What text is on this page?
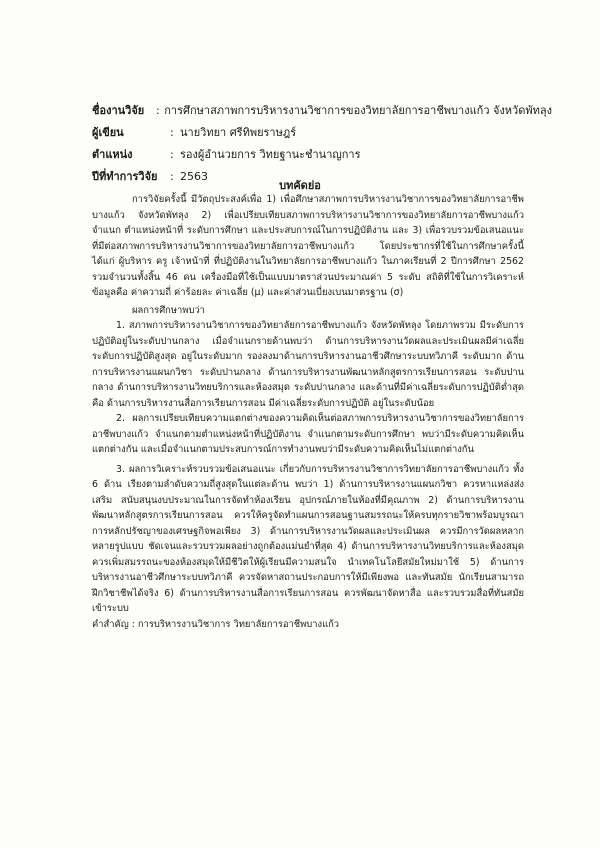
ชื่องานวิจัย	: การศึกษาสภาพการบริหารงานวิชาการของวิทยาลัยการอาชีพบางแก้ว จังหวัดพัทลุง
ผู้เขียน	: นายวิทยา ศรีทิพยราษฎร์
ตำแหน่ง	: รองผู้อำนวยการ วิทยฐานะชำนาญการ
ปีที่ทำการวิจัย	: 2563
บทคัดย่อ

การวิจัยครั้งนี้ มีวัตถุประสงค์เพื่อ 1) เพื่อศึกษาสภาพการบริหารงานวิชาการของวิทยาลัยการอาชีพบางแก้ว จังหวัดพัทลุง 2) เพื่อเปรียบเทียบสภาพการบริหารงานวิชาการของวิทยาลัยการอาชีพบางแก้ว จำแนก ตำแหน่งหน้าที่ ระดับการศึกษา และประสบการณ์ในการปฏิบัติงาน และ 3) เพื่อรวบรวมข้อเสนอแนะที่มีต่อสภาพการบริหารงานวิชาการของวิทยาลัยการอาชีพบางแก้ว โดยประชากรที่ใช้ในการศึกษาครั้งนี้ ได้แก่ ผู้บริหาร ครู เจ้าหน้าที่ ที่ปฏิบัติงานในวิทยาลัยการอาชีพบางแก้ว ในภาคเรียนที่ 2 ปีการศึกษา 2562 รวมจำนวนทั้งสิ้น 46 คน เครื่องมือที่ใช้เป็นแบบมาตราส่วนประมาณค่า 5 ระดับ สถิติที่ใช้ในการวิเคราะห์ข้อมูลคือ ค่าความถี่ ค่าร้อยละ ค่าเฉลี่ย (μ) และค่าส่วนเบี่ยงเบนมาตรฐาน (σ)

ผลการศึกษาพบว่า

1. สภาพการบริหารงานวิชาการของวิทยาลัยการอาชีพบางแก้ว จังหวัดพัทลุง โดยภาพรวม มีระดับการปฏิบัติอยู่ในระดับปานกลาง เมื่อจำแนกรายด้านพบว่า ด้านการบริหารงานวัดผลและประเมินผลมีค่าเฉลี่ยระดับการปฏิบัติสูงสุด อยู่ในระดับมาก รองลงมาด้านการบริหารงานอาชีวศึกษาระบบทวิภาคี ระดับมาก ด้านการบริหารงานแผนกวิชา ระดับปานกลาง ด้านการบริหารงานพัฒนาหลักสูตรการเรียนการสอน ระดับปานกลาง ด้านการบริหารงานวิทยบริการและห้องสมุด ระดับปานกลาง และด้านที่มีค่าเฉลี่ยระดับการปฏิบัติต่ำสุดคือ ด้านการบริหารงานสื่อการเรียนการสอน มีค่าเฉลี่ยระดับการปฏิบัติ อยู่ในระดับน้อย

2. ผลการเปรียบเทียบความแตกต่างของความคิดเห็นต่อสภาพการบริหารงานวิชาการของวิทยาลัยการอาชีพบางแก้ว จำแนกตามตำแหน่งหน้าที่ปฏิบัติงาน จำแนกตามระดับการศึกษา พบว่ามีระดับความคิดเห็นแตกต่างกัน และเมื่อจำแนกตามประสบการณ์การทำงานพบว่ามีระดับความคิดเห็นไม่แตกต่างกัน

3. ผลการวิเคราะห์รวบรวมข้อเสนอแนะ เกี่ยวกับการบริหารงานวิชาการวิทยาลัยการอาชีพบางแก้ว ทั้ง 6 ด้าน เรียงตามลำดับความถี่สูงสุดในแต่ละด้าน พบว่า 1) ด้านการบริหารงานแผนกวิชา ควรหาแหล่งส่งเสริม สนับสนุนงบประมาณในการจัดทำห้องเรียน อุปกรณ์ภายในห้องที่มีคุณภาพ 2) ด้านการบริหารงานพัฒนาหลักสูตรการเรียนการสอน ควรให้ครูจัดทำแผนการสอนฐานสมรรถนะให้ครบทุกรายวิชาพร้อมบูรณาการหลักปรัชญาของเศรษฐกิจพอเพียง 3) ด้านการบริหารงานวัดผลและประเมินผล ควรมีการวัดผลหลากหลายรูปแบบ ชัดเจนและรวบรวมผลอย่างถูกต้องแม่นยำที่สุด 4) ด้านการบริหารงานวิทยบริการและห้องสมุด ควรเพิ่มสมรรถนะของห้องสมุดให้มีชีวิตให้ผู้เรียนมีความสนใจ นำเทคโนโลยีสมัยใหม่มาใช้ 5) ด้านการบริหารงานอาชีวศึกษาระบบทวิภาคี ควรจัดหาสถานประกอบการให้มีเพียงพอ และทันสมัย นักเรียนสามารถฝึกวิชาชีพได้จริง 6) ด้านการบริหารงานสื่อการเรียนการสอน ควรพัฒนาจัดหาสื่อ และรวบรวมสื่อที่ทันสมัยเข้าระบบ

คำสำคัญ : การบริหารงานวิชาการ วิทยาลัยการอาชีพบางแก้ว
